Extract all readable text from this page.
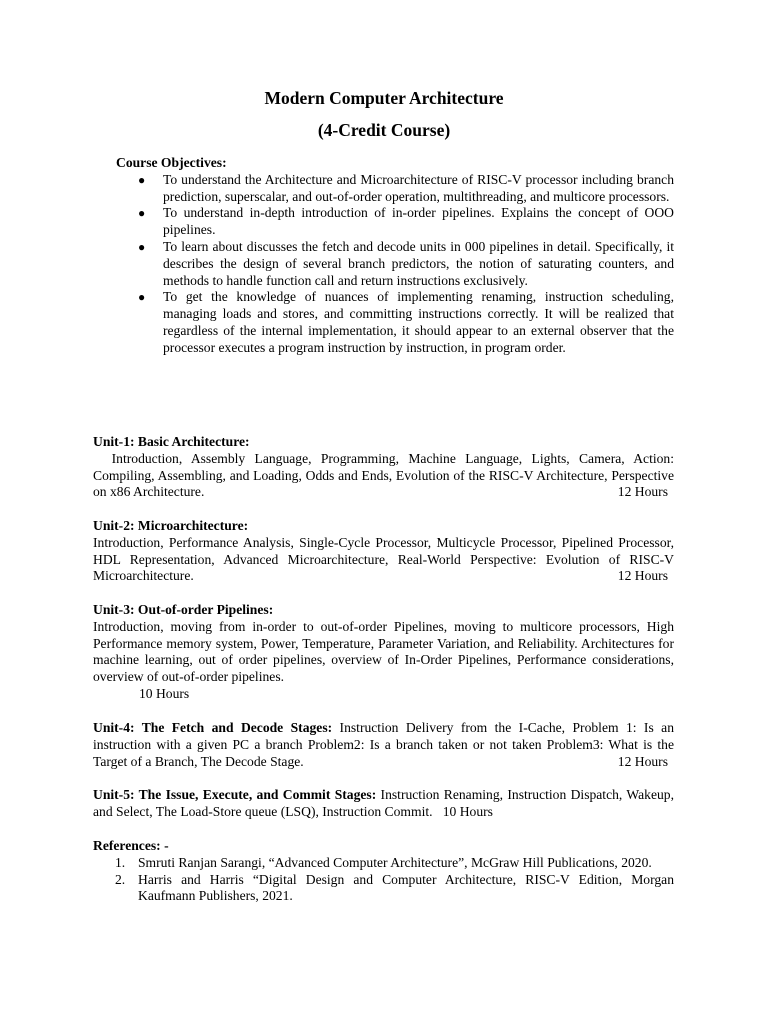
Modern Computer Architecture
(4-Credit Course)

Course Objectives:

● To understand the Architecture and Microarchitecture of RISC-V processor including branch prediction, superscalar, and out-of-order operation, multithreading, and multicore processors.
● To understand in-depth introduction of in-order pipelines. Explains the concept of OOO pipelines.
● To learn about discusses the fetch and decode units in 000 pipelines in detail. Specifically, it describes the design of several branch predictors, the notion of saturating counters, and methods to handle function call and return instructions exclusively.
● To get the knowledge of nuances of implementing renaming, instruction scheduling, managing loads and stores, and committing instructions correctly. It will be realized that regardless of the internal implementation, it should appear to an external observer that the processor executes a program instruction by instruction, in program order.
Unit-1: Basic Architecture:
Introduction, Assembly Language, Programming, Machine Language, Lights, Camera, Action: Compiling, Assembling, and Loading, Odds and Ends, Evolution of the RISC-V Architecture, Perspective on x86 Architecture.	12 Hours
Unit-2: Microarchitecture:
Introduction, Performance Analysis, Single-Cycle Processor, Multicycle Processor, Pipelined Processor, HDL Representation, Advanced Microarchitecture, Real-World Perspective: Evolution of RISC-V Microarchitecture.	12 Hours
Unit-3: Out-of-order Pipelines:
Introduction, moving from in-order to out-of-order Pipelines, moving to multicore processors, High Performance memory system, Power, Temperature, Parameter Variation, and Reliability. Architectures for machine learning, out of order pipelines, overview of In-Order Pipelines, Performance considerations, overview of out-of-order pipelines.
10 Hours
Unit-4: The Fetch and Decode Stages: Instruction Delivery from the I-Cache, Problem 1: Is an instruction with a given PC a branch Problem2: Is a branch taken or not taken Problem3: What is the Target of a Branch, The Decode Stage.	12 Hours
Unit-5: The Issue, Execute, and Commit Stages: Instruction Renaming, Instruction Dispatch, Wakeup, and Select, The Load-Store queue (LSQ), Instruction Commit. 10 Hours
References: -
1. Smruti Ranjan Sarangi, “Advanced Computer Architecture”, McGraw Hill Publications, 2020.
2. Harris and Harris “Digital Design and Computer Architecture, RISC-V Edition, Morgan Kaufmann Publishers, 2021.
